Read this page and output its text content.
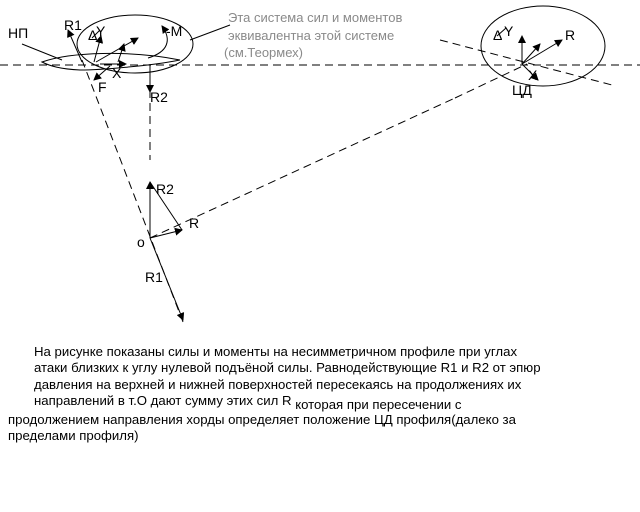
НП	R1
Δ
Y	-M
X
F
R2
R2
o
R
R1
Δ Y	R
X
ЦД
Эта система сил и моментов
эквивалентна этой системе
(см.Теормех)
На рисунке показаны силы и моменты на несимметричном профиле при углах
атаки близких к углу нулевой подъёной силы. Равнодействующие R1 и R2 от эпюр
давления на верхней и нижней поверхностей пересекаясь на продолжениях их
направлений в т.О дают сумму этих сил R которая при пересечении с
продолжением направления хорды определяет положение ЦД профиля(далеко за
пределами профиля)
